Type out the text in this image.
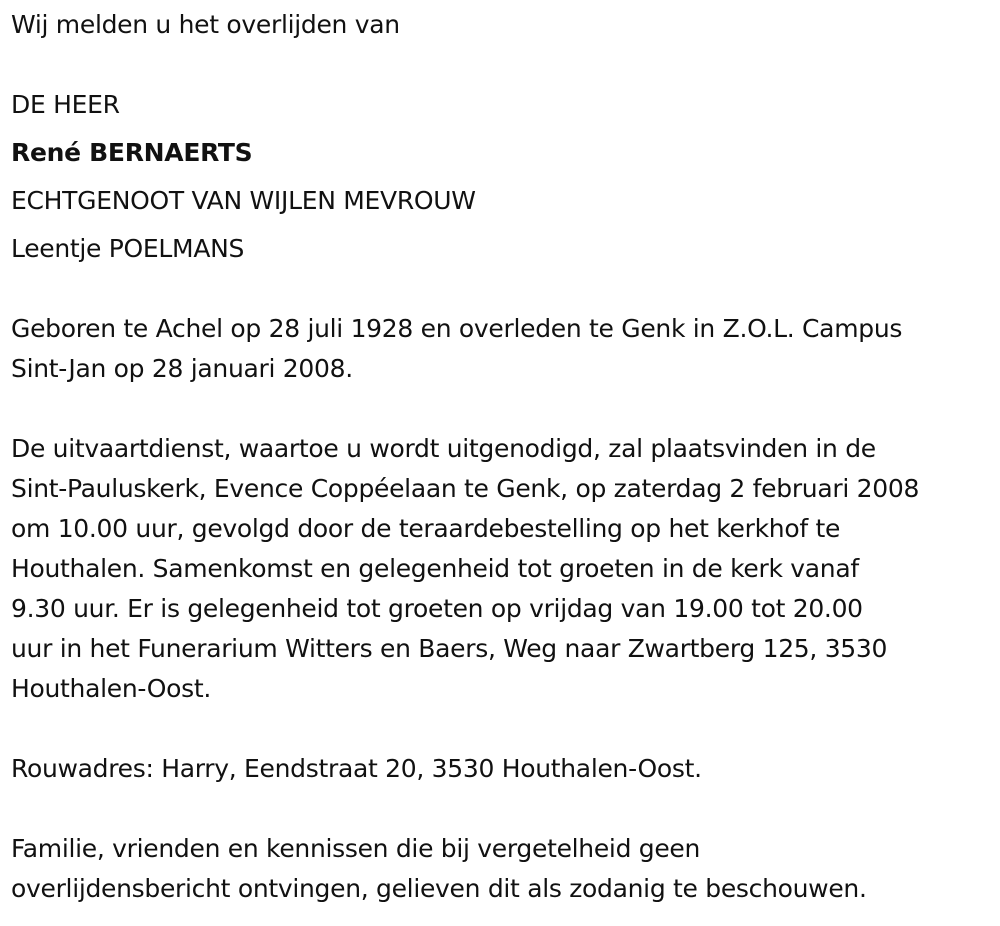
Wij melden u het overlijden van
DE HEER
René BERNAERTS
ECHTGENOOT VAN WIJLEN MEVROUW
Leentje POELMANS
Geboren te Achel op 28 juli 1928 en overleden te Genk in Z.O.L. Campus
Sint-Jan op 28 januari 2008.
De uitvaartdienst, waartoe u wordt uitgenodigd, zal plaatsvinden in de
Sint-Pauluskerk, Evence Coppéelaan te Genk, op zaterdag 2 februari 2008
om 10.00 uur, gevolgd door de teraardebestelling op het kerkhof te
Houthalen. Samenkomst en gelegenheid tot groeten in de kerk vanaf
9.30 uur. Er is gelegenheid tot groeten op vrijdag van 19.00 tot 20.00
uur in het Funerarium Witters en Baers, Weg naar Zwartberg 125, 3530
Houthalen-Oost.
Rouwadres: Harry, Eendstraat 20, 3530 Houthalen-Oost.
Familie, vrienden en kennissen die bij vergetelheid geen
overlijdensbericht ontvingen, gelieven dit als zodanig te beschouwen.
